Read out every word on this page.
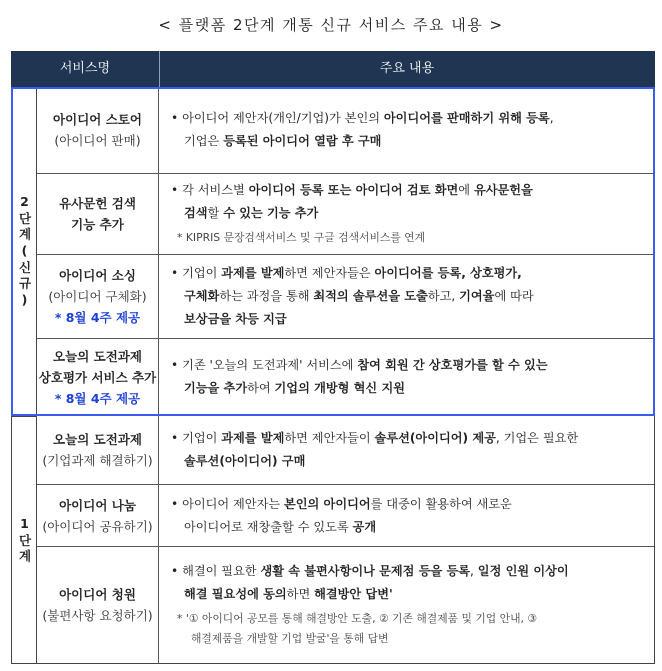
< 플랫폼 2단계 개통 신규 서비스 주요 내용 >
서비스명	주요 내용
2단계(신규)
1단계
아이디어 스토어
(아이디어 판매)
• 아이디어 제안자(개인/기업)가 본인의 아이디어를 판매하기 위해 등록,
기업은 등록된 아이디어 열람 후 구매
유사문헌 검색
기능 추가
• 각 서비스별 아이디어 등록 또는 아이디어 검토 화면에 유사문헌을
검색할 수 있는 기능 추가
* KIPRIS 문장검색서비스 및 구글 검색서비스를 연계
아이디어 소싱
(아이디어 구체화)
* 8월 4주 제공
• 기업이 과제를 발제하면 제안자들은 아이디어를 등록, 상호평가,
구체화하는 과정을 통해 최적의 솔루션을 도출하고, 기여율에 따라
보상금을 차등 지급
오늘의 도전과제
상호평가 서비스 추가
* 8월 4주 제공
• 기존 '오늘의 도전과제' 서비스에 참여 회원 간 상호평가를 할 수 있는
기능을 추가하여 기업의 개방형 혁신 지원
오늘의 도전과제
(기업과제 해결하기)
• 기업이 과제를 발제하면 제안자들이 솔루션(아이디어) 제공, 기업은 필요한
솔루션(아이디어) 구매
아이디어 나눔
(아이디어 공유하기)
• 아이디어 제안자는 본인의 아이디어를 대중이 활용하여 새로운
아이디어로 재창출할 수 있도록 공개
아이디어 청원
(불편사항 요청하기)
• 해결이 필요한 생활 속 불편사항이나 문제점 등을 등록, 일정 인원 이상이
해결 필요성에 동의하면 해결방안 답변'
* '① 아이디어 공모를 통해 해결방안 도출, ② 기존 해결제품 및 기업 안내, ③
해결제품을 개발할 기업 발굴'을 통해 답변
